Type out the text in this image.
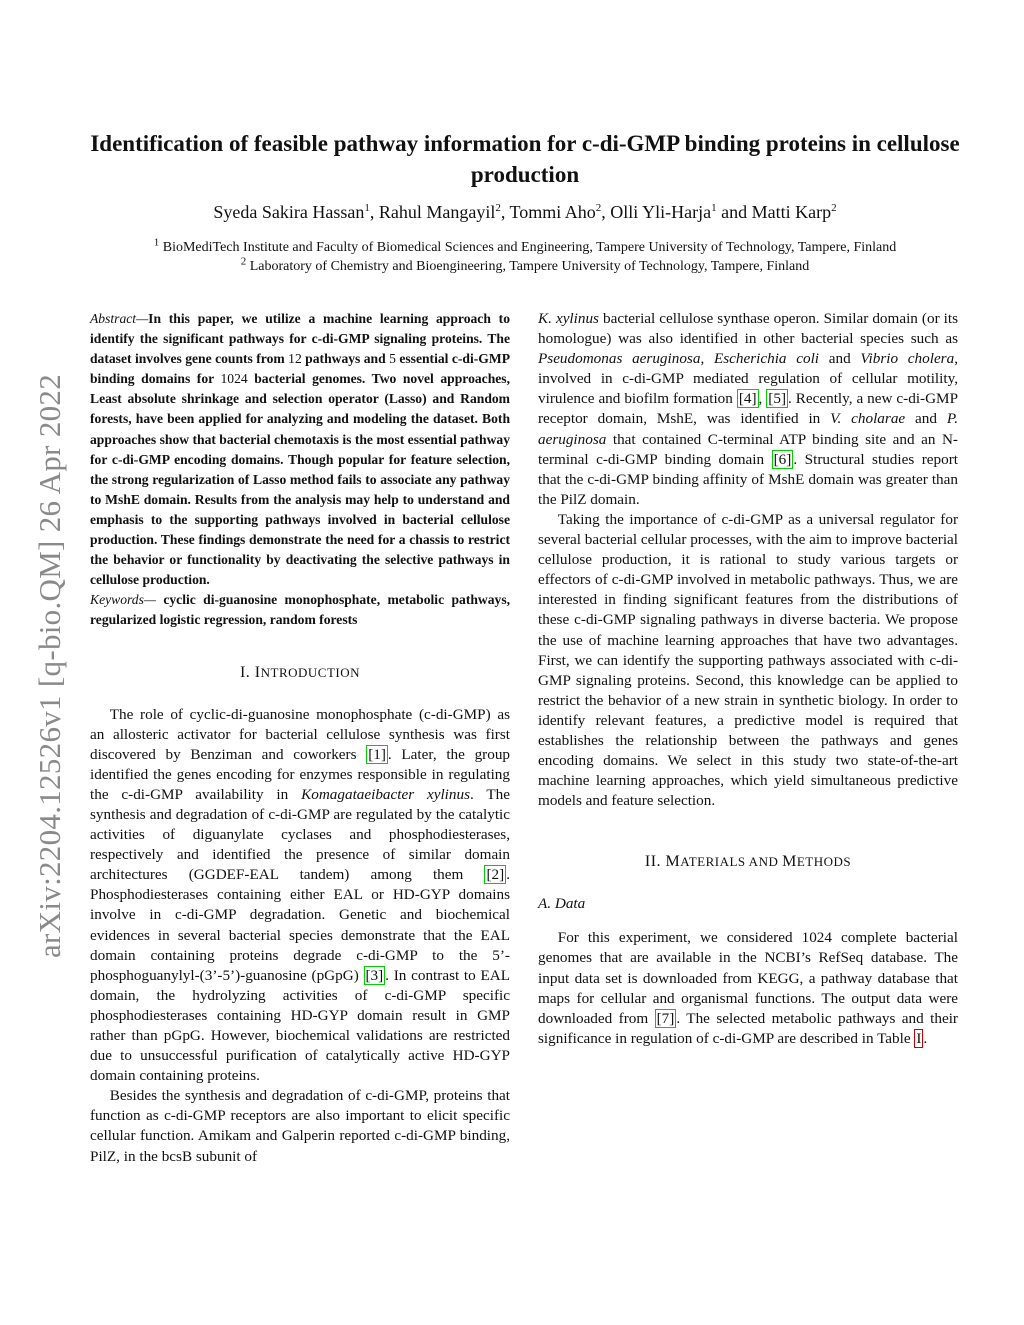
arXiv:2204.12526v1 [q-bio.QM] 26 Apr 2022
Identification of feasible pathway information for c-di-GMP binding proteins in cellulose production
Syeda Sakira Hassan$^1$, Rahul Mangayil$^2$, Tommi Aho$^2$, Olli Yli-Harja$^1$ and Matti Karp$^2$
$^1$ BioMediTech Institute and Faculty of Biomedical Sciences and Engineering, Tampere University of Technology, Tampere, Finland
$^2$ Laboratory of Chemistry and Bioengineering, Tampere University of Technology, Tampere, Finland

Abstract—In this paper, we utilize a machine learning approach to identify the significant pathways for c-di-GMP signaling proteins. The dataset involves gene counts from 12 pathways and 5 essential c-di-GMP binding domains for 1024 bacterial genomes. Two novel approaches, Least absolute shrinkage and selection operator (Lasso) and Random forests, have been applied for analyzing and modeling the dataset. Both approaches show that bacterial chemotaxis is the most essential pathway for c-di-GMP encoding domains. Though popular for feature selection, the strong regularization of Lasso method fails to associate any pathway to MshE domain. Results from the analysis may help to understand and emphasis to the supporting pathways involved in bacterial cellulose production. These findings demonstrate the need for a chassis to restrict the behavior or functionality by deactivating the selective pathways in cellulose production.

Keywords— cyclic di-guanosine monophosphate, metabolic pathways, regularized logistic regression, random forests

I. INTRODUCTION

The role of cyclic-di-guanosine monophosphate (c-di-GMP) as an allosteric activator for bacterial cellulose synthesis was first discovered by Benziman and coworkers [1] . Later, the group identified the genes encoding for enzymes responsible in regulating the c-di-GMP availability in Komagataeibacter xylinus. The synthesis and degradation of c-di-GMP are regulated by the catalytic activities of diguanylate cyclases and phosphodiesterases, respectively and identified the presence of similar domain architectures (GGDEF-EAL tandem) among them [2] . Phosphodiesterases containing either EAL or HD-GYP domains involve in c-di-GMP degradation. Genetic and biochemical evidences in several bacterial species demonstrate that the EAL domain containing proteins degrade c-di-GMP to the 5’-phosphoguanylyl-(3’-5’)-guanosine (pGpG) [3] . In contrast to EAL domain, the hydrolyzing activities of c-di-GMP specific phosphodiesterases containing HD-GYP domain result in GMP rather than pGpG. However, biochemical validations are restricted due to unsuccessful purification of catalytically active HD-GYP domain containing proteins.

Besides the synthesis and degradation of c-di-GMP, proteins that function as c-di-GMP receptors are also important to elicit specific cellular function. Amikam and Galperin reported c-di-GMP binding, PilZ, in the bcsB subunit of

K. xylinus bacterial cellulose synthase operon. Similar domain (or its homologue) was also identified in other bacterial species such as Pseudomonas aeruginosa, Escherichia coli and Vibrio cholera, involved in c-di-GMP mediated regulation of cellular motility, virulence and biofilm formation [4] , [5] . Recently, a new c-di-GMP receptor domain, MshE, was identified in V. cholarae and P. aeruginosa that contained C-terminal ATP binding site and an N-terminal c-di-GMP binding domain [6] . Structural studies report that the c-di-GMP binding affinity of MshE domain was greater than the PilZ domain.

Taking the importance of c-di-GMP as a universal regulator for several bacterial cellular processes, with the aim to improve bacterial cellulose production, it is rational to study various targets or effectors of c-di-GMP involved in metabolic pathways. Thus, we are interested in finding significant features from the distributions of these c-di-GMP signaling pathways in diverse bacteria. We propose the use of machine learning approaches that have two advantages. First, we can identify the supporting pathways associated with c-di-GMP signaling proteins. Second, this knowledge can be applied to restrict the behavior of a new strain in synthetic biology. In order to identify relevant features, a predictive model is required that establishes the relationship between the pathways and genes encoding domains. We select in this study two state-of-the-art machine learning approaches, which yield simultaneous predictive models and feature selection.

II. MATERIALS AND METHODS
A. Data

For this experiment, we considered 1024 complete bacterial genomes that are available in the NCBI’s RefSeq database. The input data set is downloaded from KEGG, a pathway database that maps for cellular and organismal functions. The output data were downloaded from [7] . The selected metabolic pathways and their significance in regulation of c-di-GMP are described in Table I .
